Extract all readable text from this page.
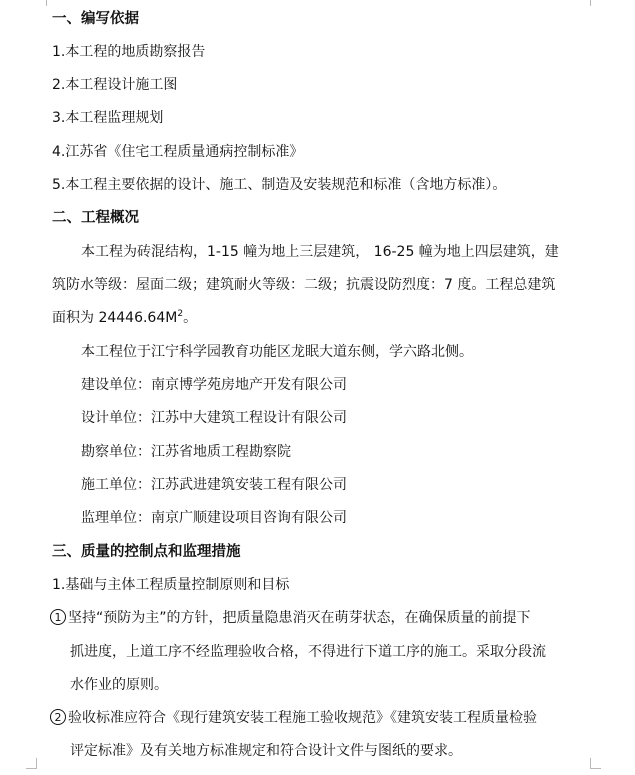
一、编写依据
1.本工程的地质勘察报告
2.本工程设计施工图
3.本工程监理规划
4.江苏省《住宅工程质量通病控制标准》
5.本工程主要依据的设计、施工、制造及安装规范和标准（含地方标准）。
二、工程概况
本工程为砖混结构，1-15 幢为地上三层建筑， 16-25 幢为地上四层建筑，建
筑防水等级：屋面二级；建筑耐火等级：二级；抗震设防烈度：7 度。工程总建筑
面积为 $24446.64M^2$。
本工程位于江宁科学园教育功能区龙眠大道东侧，学六路北侧。
建设单位：南京博学苑房地产开发有限公司
设计单位：江苏中大建筑工程设计有限公司
勘察单位：江苏省地质工程勘察院
施工单位：江苏武进建筑安装工程有限公司
监理单位：南京广顺建设项目咨询有限公司
三、质量的控制点和监理措施
1.基础与主体工程质量控制原则和目标
1 坚持“预防为主”的方针，把质量隐患消灭在萌芽状态，在确保质量的前提下
抓进度，上道工序不经监理验收合格，不得进行下道工序的施工。采取分段流
水作业的原则。
2 验收标准应符合《现行建筑安装工程施工验收规范》《建筑安装工程质量检验
评定标准》及有关地方标准规定和符合设计文件与图纸的要求。
